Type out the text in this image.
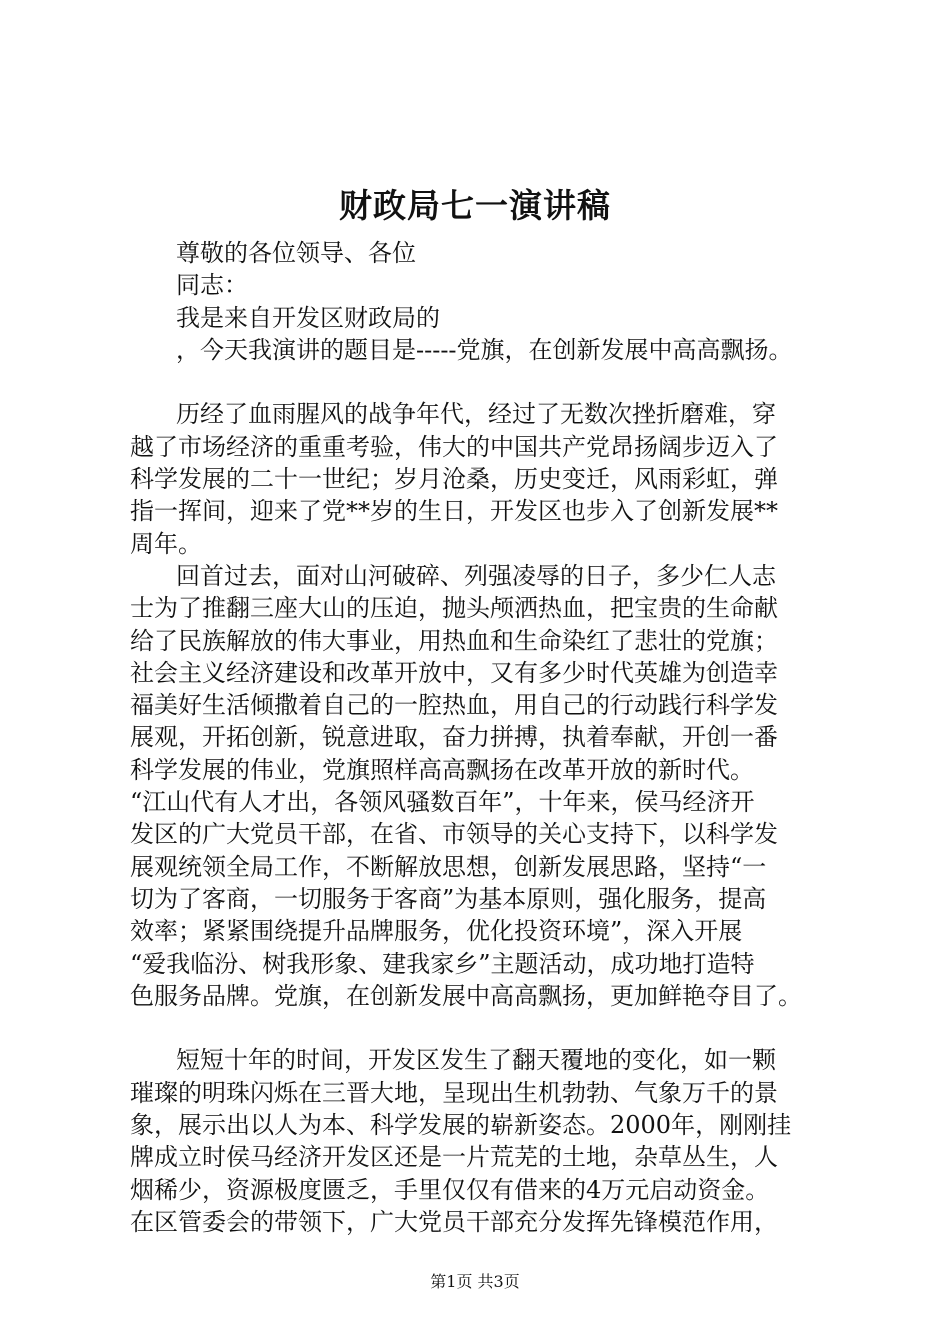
财政局七一演讲稿
尊敬的各位领导、各位
同志：
我是来自开发区财政局的
，今天我演讲的题目是-----党旗，在创新发展中高高飘扬。
历经了血雨腥风的战争年代，经过了无数次挫折磨难，穿
越了市场经济的重重考验，伟大的中国共产党昂扬阔步迈入了
科学发展的二十一世纪；岁月沧桑，历史变迁，风雨彩虹，弹
指一挥间，迎来了党**岁的生日，开发区也步入了创新发展**
周年。
回首过去，面对山河破碎、列强凌辱的日子，多少仁人志
士为了推翻三座大山的压迫，抛头颅洒热血，把宝贵的生命献
给了民族解放的伟大事业，用热血和生命染红了悲壮的党旗；
社会主义经济建设和改革开放中，又有多少时代英雄为创造幸
福美好生活倾撒着自己的一腔热血，用自己的行动践行科学发
展观，开拓创新，锐意进取，奋力拼搏，执着奉献，开创一番
科学发展的伟业，党旗照样高高飘扬在改革开放的新时代。
“江山代有人才出，各领风骚数百年”，十年来，侯马经济开
发区的广大党员干部，在省、市领导的关心支持下，以科学发
展观统领全局工作，不断解放思想，创新发展思路，坚持“一
切为了客商，一切服务于客商”为基本原则，强化服务，提高
效率；紧紧围绕提升品牌服务，优化投资环境”，深入开展
“爱我临汾、树我形象、建我家乡”主题活动，成功地打造特
色服务品牌。党旗，在创新发展中高高飘扬，更加鲜艳夺目了。
短短十年的时间，开发区发生了翻天覆地的变化，如一颗
璀璨的明珠闪烁在三晋大地，呈现出生机勃勃、气象万千的景
象，展示出以人为本、科学发展的崭新姿态。2000年，刚刚挂
牌成立时侯马经济开发区还是一片荒芜的土地，杂草丛生，人
烟稀少，资源极度匮乏，手里仅仅有借来的4万元启动资金。
在区管委会的带领下，广大党员干部充分发挥先锋模范作用，
第1页 共3页
